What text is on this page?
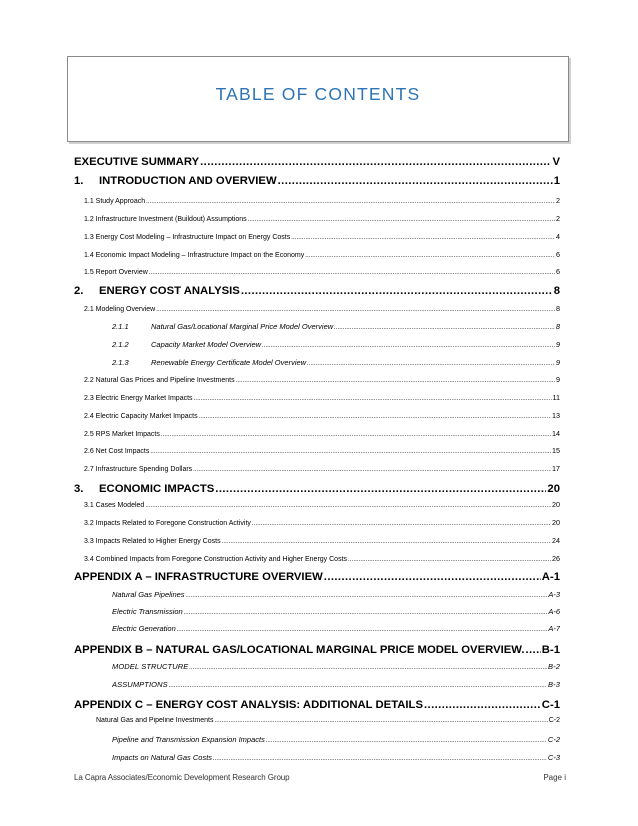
TABLE OF CONTENTS
EXECUTIVE SUMMARY .....	V
1.	INTRODUCTION AND OVERVIEW .....	1
1.1 Study Approach .....	2
1.2 Infrastructure Investment (Buildout) Assumptions .....	2
1.3 Energy Cost Modeling – Infrastructure Impact on Energy Costs .....	4
1.4 Economic Impact Modeling – Infrastructure Impact on the Economy .....	6
1.5 Report Overview .....	6
2.	ENERGY COST ANALYSIS .....	8
2.1 Modeling Overview .....	8
2.1.1	Natural Gas/Locational Marginal Price Model Overview .....	8
2.1.2	Capacity Market Model Overview .....	9
2.1.3	Renewable Energy Certificate Model Overview .....	9
2.2 Natural Gas Prices and Pipeline Investments .....	9
2.3 Electric Energy Market Impacts .....	11
2.4 Electric Capacity Market Impacts .....	13
2.5 RPS Market Impacts .....	14
2.6 Net Cost Impacts .....	15
2.7 Infrastructure Spending Dollars .....	17
3.	ECONOMIC IMPACTS .....	20
3.1 Cases Modeled .....	20
3.2 Impacts Related to Foregone Construction Activity .....	20
3.3 Impacts Related to Higher Energy Costs .....	24
3.4 Combined Impacts from Foregone Construction Activity and Higher Energy Costs .....	26
APPENDIX A – INFRASTRUCTURE OVERVIEW .....	A-1
Natural Gas Pipelines .....	A-3
Electric Transmission .....	A-6
Electric Generation .....	A-7
APPENDIX B – NATURAL GAS/LOCATIONAL MARGINAL PRICE MODEL OVERVIEW. ..... B-1
MODEL STRUCTURE .....	B-2
ASSUMPTIONS .....	B-3
APPENDIX C – ENERGY COST ANALYSIS: ADDITIONAL DETAILS .....	C-1
Natural Gas and Pipeline Investments .....	C-2
Pipeline and Transmission Expansion Impacts .....	C-2
Impacts on Natural Gas Costs .....	C-3
La Capra Associates/Economic Development Research Group	Page i
